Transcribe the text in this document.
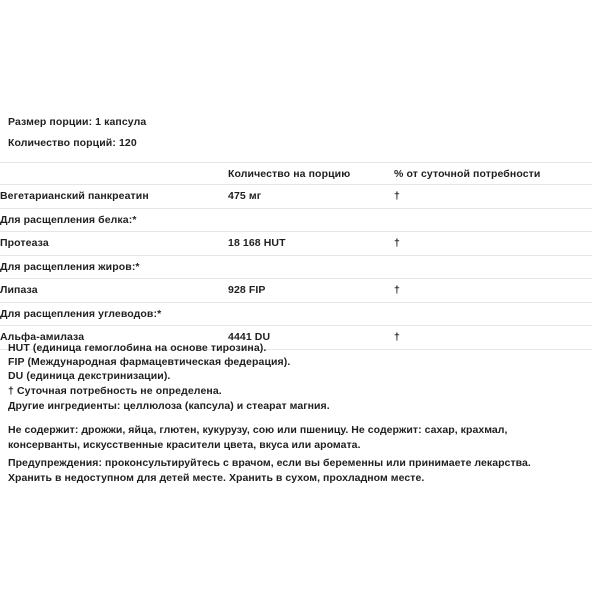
Размер порции: 1 капсула
Количество порций: 120
	Количество на порцию	% от суточной потребности
Вегетарианский панкреатин	475 мг	†
Для расщепления белка:*		
Протеаза	18 168 HUT	†
Для расщепления жиров:*		
Липаза	928 FIP	†
Для расщепления углеводов:*		
Альфа-амилаза	4441 DU	†
HUT (единица гемоглобина на основе тирозина).
FIP (Международная фармацевтическая федерация).
DU (единица декстринизации).
† Суточная потребность не определена.
Другие ингредиенты: целлюлоза (капсула) и стеарат магния.
Не содержит: дрожжи, яйца, глютен, кукурузу, сою или пшеницу. Не содержит: сахар, крахмал, консерванты, искусственные красители цвета, вкуса или аромата.
Предупреждения: проконсультируйтесь с врачом, если вы беременны или принимаете лекарства. Хранить в недоступном для детей месте. Хранить в сухом, прохладном месте.
